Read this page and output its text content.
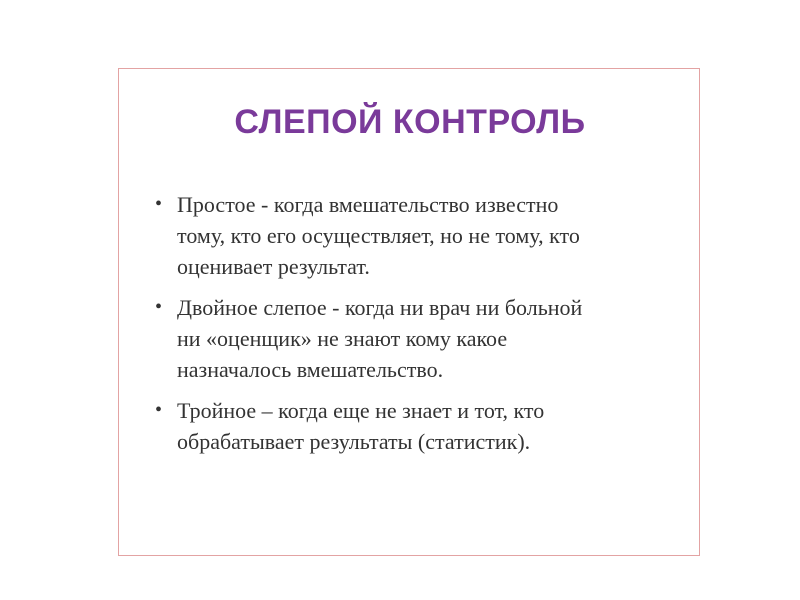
СЛЕПОЙ КОНТРОЛЬ
• Простое - когда вмешательство известно
тому, кто его осуществляет, но не тому, кто
оценивает результат.
• Двойное слепое - когда ни врач ни больной
ни «оценщик» не знают кому какое
назначалось вмешательство.
• Тройное – когда еще не знает и тот, кто
обрабатывает результаты (статистик).
